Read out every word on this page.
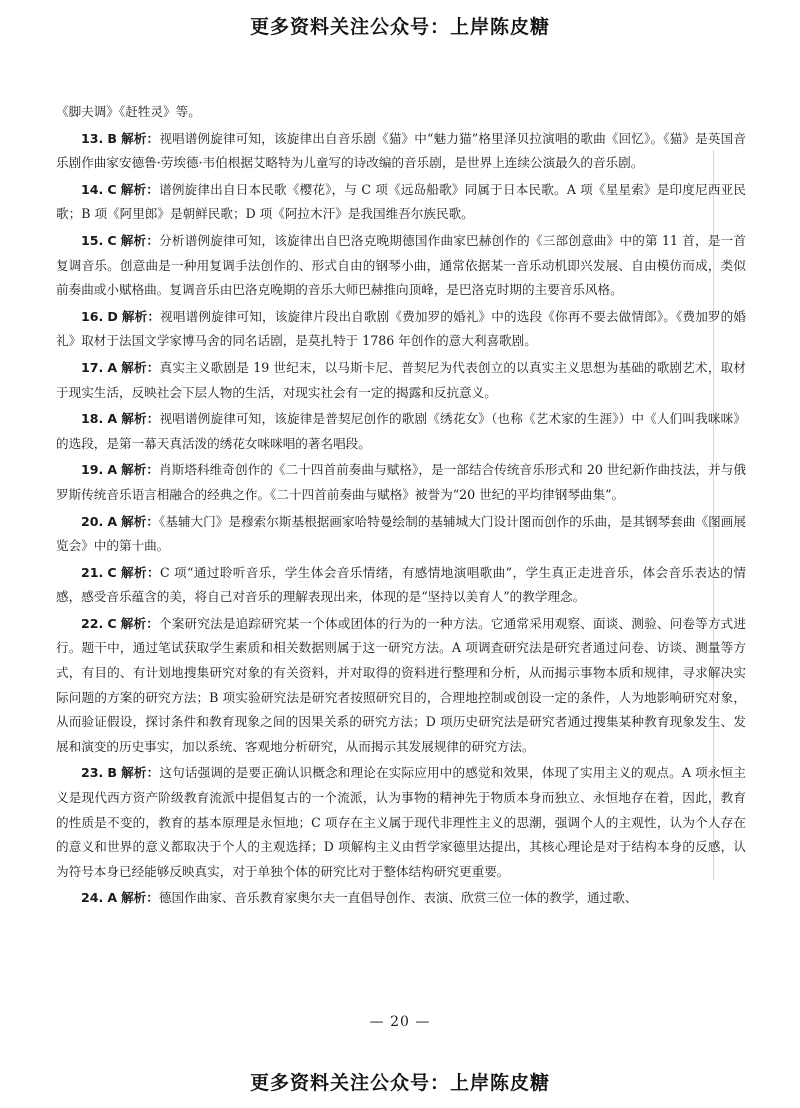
更多资料关注公众号：上岸陈皮糖

《脚夫调》《赶牲灵》等。

13. B 解析：视唱谱例旋律可知，该旋律出自音乐剧《猫》中“魅力猫”格里泽贝拉演唱的歌曲《回忆》。《猫》是英国音乐剧作曲家安德鲁·劳埃德·韦伯根据艾略特为儿童写的诗改编的音乐剧，是世界上连续公演最久的音乐剧。

14. C 解析：谱例旋律出自日本民歌《樱花》，与 C 项《远岛船歌》同属于日本民歌。A 项《星星索》是印度尼西亚民歌；B 项《阿里郎》是朝鲜民歌；D 项《阿拉木汗》是我国维吾尔族民歌。

15. C 解析：分析谱例旋律可知，该旋律出自巴洛克晚期德国作曲家巴赫创作的《三部创意曲》中的第 11 首，是一首复调音乐。创意曲是一种用复调手法创作的、形式自由的钢琴小曲，通常依据某一音乐动机即兴发展、自由模仿而成，类似前奏曲或小赋格曲。复调音乐由巴洛克晚期的音乐大师巴赫推向顶峰，是巴洛克时期的主要音乐风格。

16. D 解析：视唱谱例旋律可知，该旋律片段出自歌剧《费加罗的婚礼》中的选段《你再不要去做情郎》。《费加罗的婚礼》取材于法国文学家博马舍的同名话剧，是莫扎特于 1786 年创作的意大利喜歌剧。

17. A 解析：真实主义歌剧是 19 世纪末，以马斯卡尼、普契尼为代表创立的以真实主义思想为基础的歌剧艺术，取材于现实生活，反映社会下层人物的生活，对现实社会有一定的揭露和反抗意义。

18. A 解析：视唱谱例旋律可知，该旋律是普契尼创作的歌剧《绣花女》（也称《艺术家的生涯》）中《人们叫我咪咪》的选段，是第一幕天真活泼的绣花女咪咪唱的著名唱段。

19. A 解析：肖斯塔科维奇创作的《二十四首前奏曲与赋格》，是一部结合传统音乐形式和 20 世纪新作曲技法，并与俄罗斯传统音乐语言相融合的经典之作。《二十四首前奏曲与赋格》被誉为“20 世纪的平均律钢琴曲集”。

20. A 解析：《基辅大门》是穆索尔斯基根据画家哈特曼绘制的基辅城大门设计图而创作的乐曲，是其钢琴套曲《图画展览会》中的第十曲。

21. C 解析：C 项“通过聆听音乐，学生体会音乐情绪，有感情地演唱歌曲”，学生真正走进音乐，体会音乐表达的情感，感受音乐蕴含的美，将自己对音乐的理解表现出来，体现的是“坚持以美育人”的教学理念。

22. C 解析：个案研究法是追踪研究某一个体或团体的行为的一种方法。它通常采用观察、面谈、测验、问卷等方式进行。题干中，通过笔试获取学生素质和相关数据则属于这一研究方法。A 项调查研究法是研究者通过问卷、访谈、测量等方式，有目的、有计划地搜集研究对象的有关资料，并对取得的资料进行整理和分析，从而揭示事物本质和规律，寻求解决实际问题的方案的研究方法；B 项实验研究法是研究者按照研究目的，合理地控制或创设一定的条件，人为地影响研究对象，从而验证假设，探讨条件和教育现象之间的因果关系的研究方法；D 项历史研究法是研究者通过搜集某种教育现象发生、发展和演变的历史事实，加以系统、客观地分析研究，从而揭示其发展规律的研究方法。

23. B 解析：这句话强调的是要正确认识概念和理论在实际应用中的感觉和效果，体现了实用主义的观点。A 项永恒主义是现代西方资产阶级教育流派中提倡复古的一个流派，认为事物的精神先于物质本身而独立、永恒地存在着，因此，教育的性质是不变的，教育的基本原理是永恒地；C 项存在主义属于现代非理性主义的思潮，强调个人的主观性，认为个人存在的意义和世界的意义都取决于个人的主观选择；D 项解构主义由哲学家德里达提出，其核心理论是对于结构本身的反感，认为符号本身已经能够反映真实，对于单独个体的研究比对于整体结构研究更重要。

24. A 解析：德国作曲家、音乐教育家奥尔夫一直倡导创作、表演、欣赏三位一体的教学，通过歌、

— 20 —
更多资料关注公众号：上岸陈皮糖
